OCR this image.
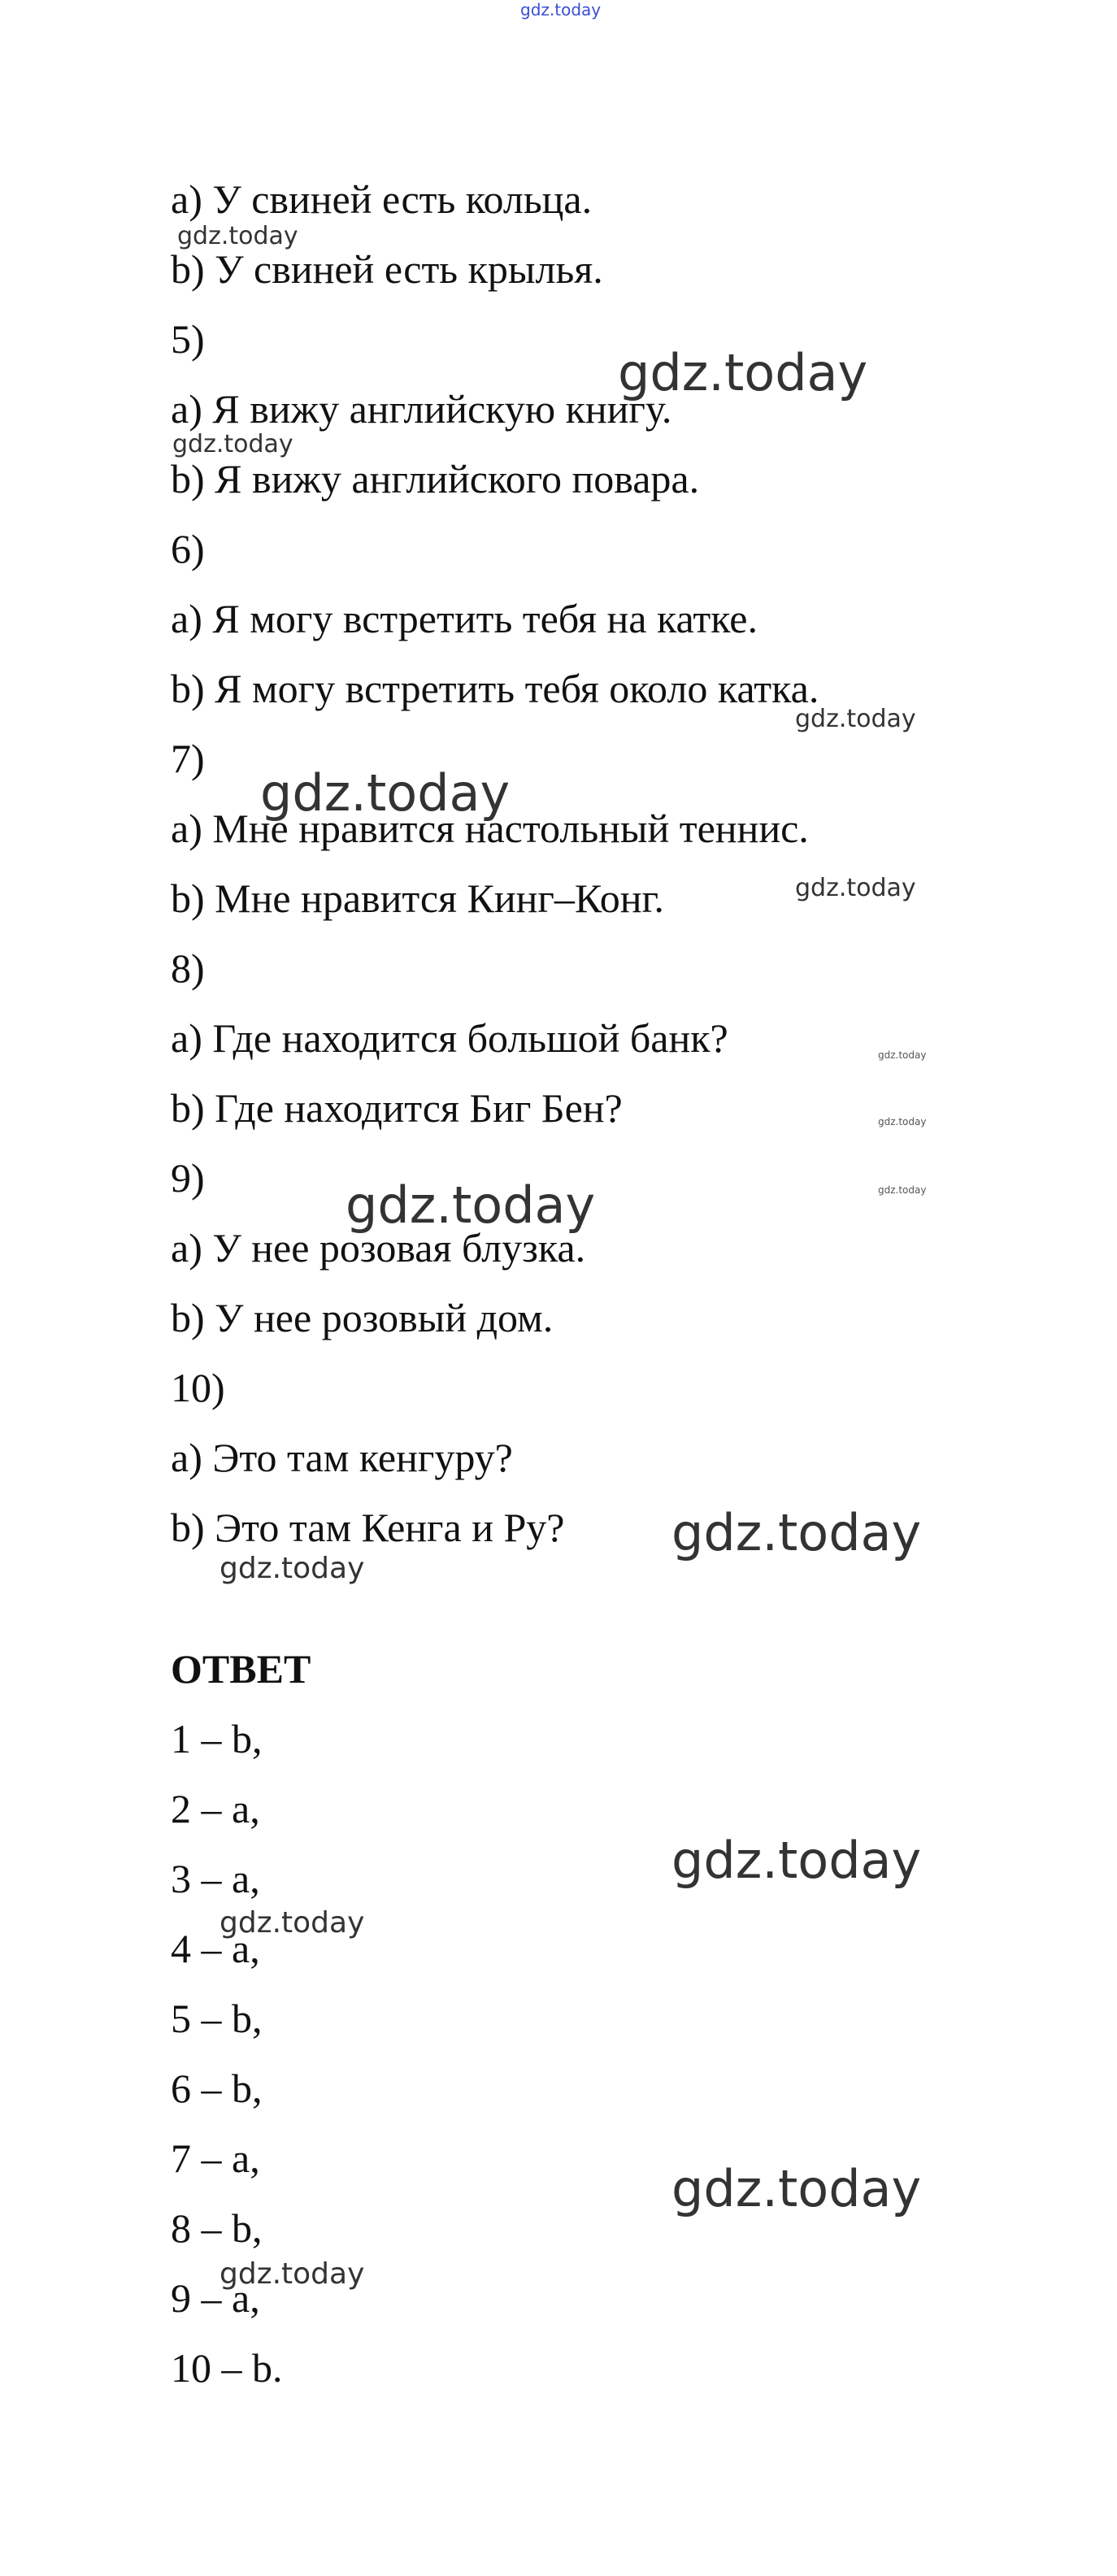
а) У свиней есть кольца.
b) У свиней есть крылья.
5)
а) Я вижу английскую книгу.
b) Я вижу английского повара.
6)
а) Я могу встретить тебя на катке.
b) Я могу встретить тебя около катка.
7)
а) Мне нравится настольный теннис.
b) Мне нравится Кинг–Конг.
8)
а) Где находится большой банк?
b) Где находится Биг Бен?
9)
а) У нее розовая блузка.
b) У нее розовый дом.
10)
а) Это там кенгуру?
b) Это там Кенга и Ру?
ОТВЕТ
1 – b,
2 – a,
3 – a,
4 – a,
5 – b,
6 – b,
7 – a,
8 – b,
9 – a,
10 – b.
gdz.today
gdz.today
gdz.today
gdz.today
gdz.today
gdz.today
gdz.today
gdz.today
gdz.today
gdz.today
gdz.today
gdz.today
gdz.today
gdz.today
gdz.today
gdz.today
gdz.today
